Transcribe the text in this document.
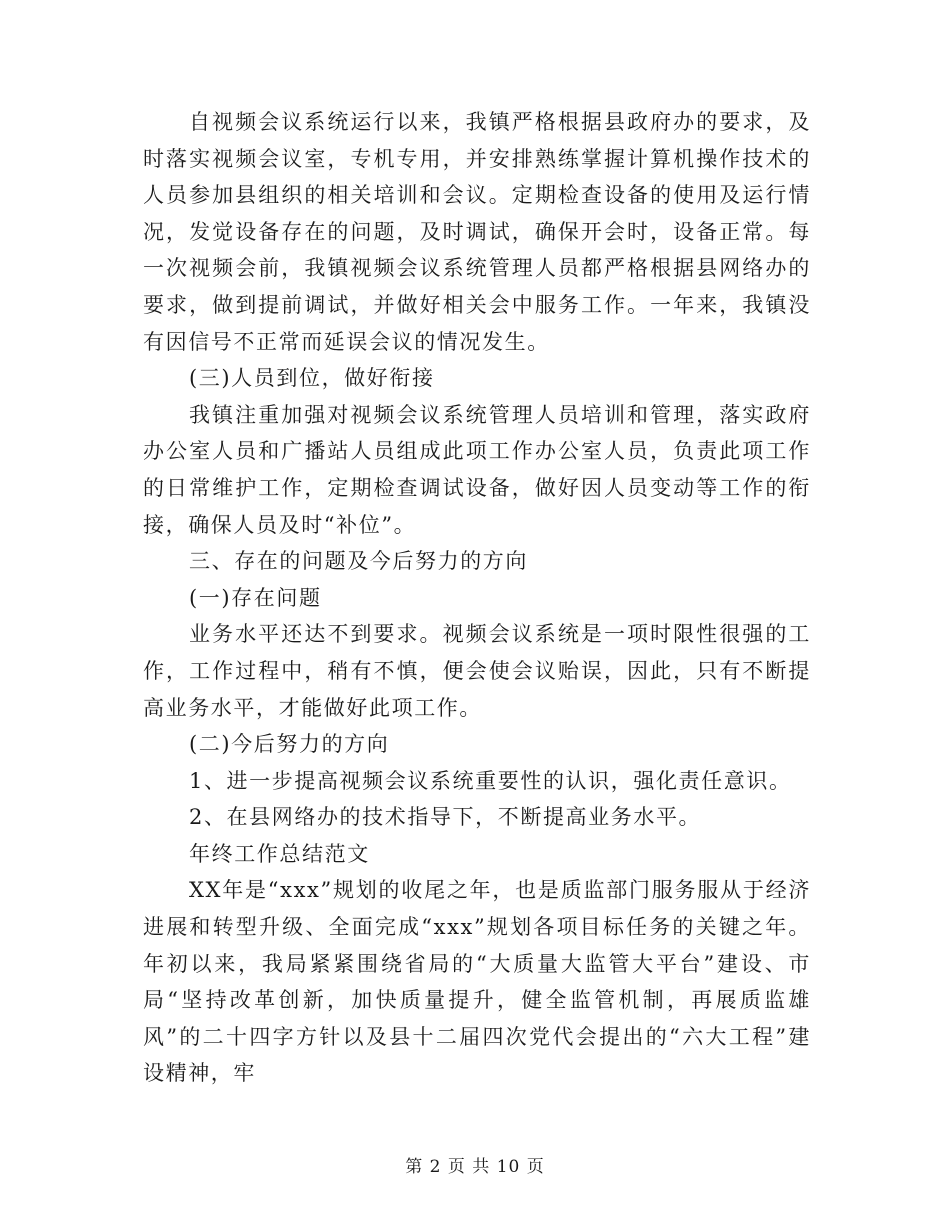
自视频会议系统运行以来，我镇严格根据县政府办的要求，及时落实视频会议室，专机专用，并安排熟练掌握计算机操作技术的人员参加县组织的相关培训和会议。定期检查设备的使用及运行情况，发觉设备存在的问题，及时调试，确保开会时，设备正常。每一次视频会前，我镇视频会议系统管理人员都严格根据县网络办的要求，做到提前调试，并做好相关会中服务工作。一年来，我镇没有因信号不正常而延误会议的情况发生。

(三)人员到位，做好衔接

我镇注重加强对视频会议系统管理人员培训和管理，落实政府办公室人员和广播站人员组成此项工作办公室人员，负责此项工作的日常维护工作，定期检查调试设备，做好因人员变动等工作的衔接，确保人员及时“补位”。

三、存在的问题及今后努力的方向

(一)存在问题

业务水平还达不到要求。视频会议系统是一项时限性很强的工作，工作过程中，稍有不慎，便会使会议贻误，因此，只有不断提高业务水平，才能做好此项工作。

(二)今后努力的方向

1、进一步提高视频会议系统重要性的认识，强化责任意识。

2、在县网络办的技术指导下，不断提高业务水平。

年终工作总结范文

XX年是“xxx”规划的收尾之年，也是质监部门服务服从于经济进展和转型升级、全面完成“xxx”规划各项目标任务的关键之年。年初以来，我局紧紧围绕省局的“大质量大监管大平台”建设、市局“坚持改革创新，加快质量提升，健全监管机制，再展质监雄风”的二十四字方针以及县十二届四次党代会提出的“六大工程”建设精神，牢

第 2 页 共 10 页
